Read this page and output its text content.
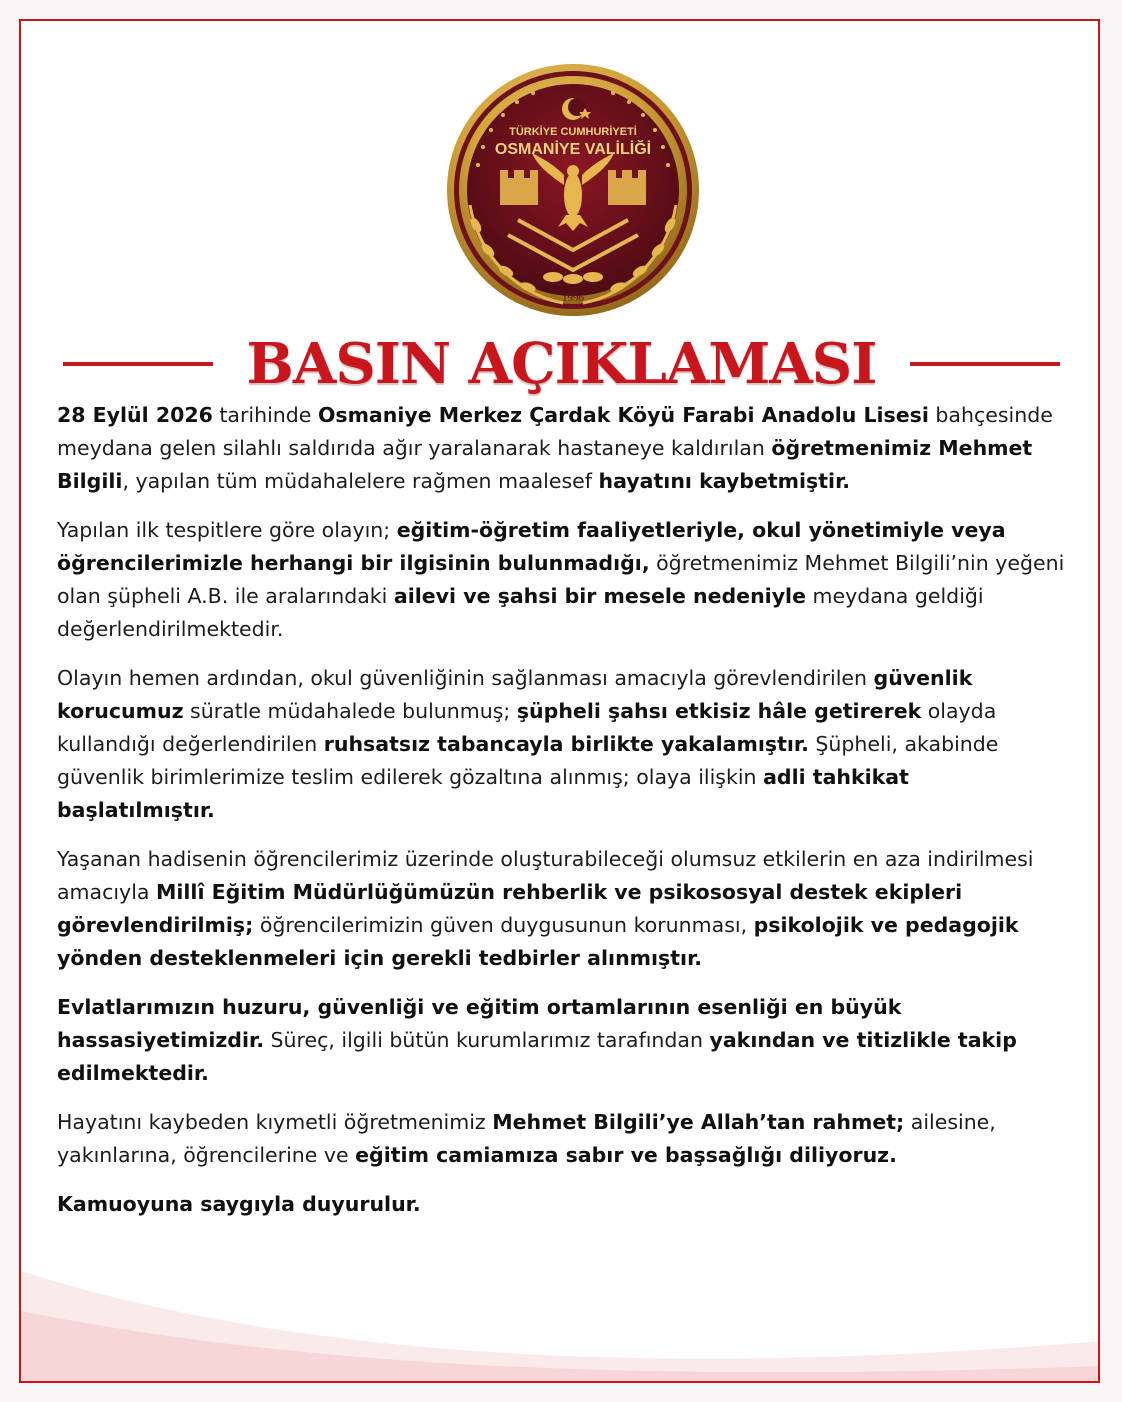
TÜRKİYE CUMHURİYETİ
OSMANİYE VALİLİĞİ
1996
BASIN AÇIKLAMASI

28 Eylül 2026 tarihinde Osmaniye Merkez Çardak Köyü Farabi Anadolu Lisesi bahçesinde meydana gelen silahlı saldırıda ağır yaralanarak hastaneye kaldırılan öğretmenimiz Mehmet Bilgili, yapılan tüm müdahalelere rağmen maalesef hayatını kaybetmiştir.

Yapılan ilk tespitlere göre olayın; eğitim-öğretim faaliyetleriyle, okul yönetimiyle veya öğrencilerimizle herhangi bir ilgisinin bulunmadığı, öğretmenimiz Mehmet Bilgili’nin yeğeni olan şüpheli A.B. ile aralarındaki ailevi ve şahsi bir mesele nedeniyle meydana geldiği değerlendirilmektedir.

Olayın hemen ardından, okul güvenliğinin sağlanması amacıyla görevlendirilen güvenlik korucumuz süratle müdahalede bulunmuş; şüpheli şahsı etkisiz hâle getirerek olayda kullandığı değerlendirilen ruhsatsız tabancayla birlikte yakalamıştır. Şüpheli, akabinde güvenlik birimlerimize teslim edilerek gözaltına alınmış; olaya ilişkin adli tahkikat başlatılmıştır.

Yaşanan hadisenin öğrencilerimiz üzerinde oluşturabileceği olumsuz etkilerin en aza indirilmesi amacıyla Millî Eğitim Müdürlüğümüzün rehberlik ve psikososyal destek ekipleri görevlendirilmiş; öğrencilerimizin güven duygusunun korunması, psikolojik ve pedagojik yönden desteklenmeleri için gerekli tedbirler alınmıştır.

Evlatlarımızın huzuru, güvenliği ve eğitim ortamlarının esenliği en büyük hassasiyetimizdir. Süreç, ilgili bütün kurumlarımız tarafından yakından ve titizlikle takip edilmektedir.

Hayatını kaybeden kıymetli öğretmenimiz Mehmet Bilgili’ye Allah’tan rahmet; ailesine, yakınlarına, öğrencilerine ve eğitim camiamıza sabır ve başsağlığı diliyoruz.

Kamuoyuna saygıyla duyurulur.
